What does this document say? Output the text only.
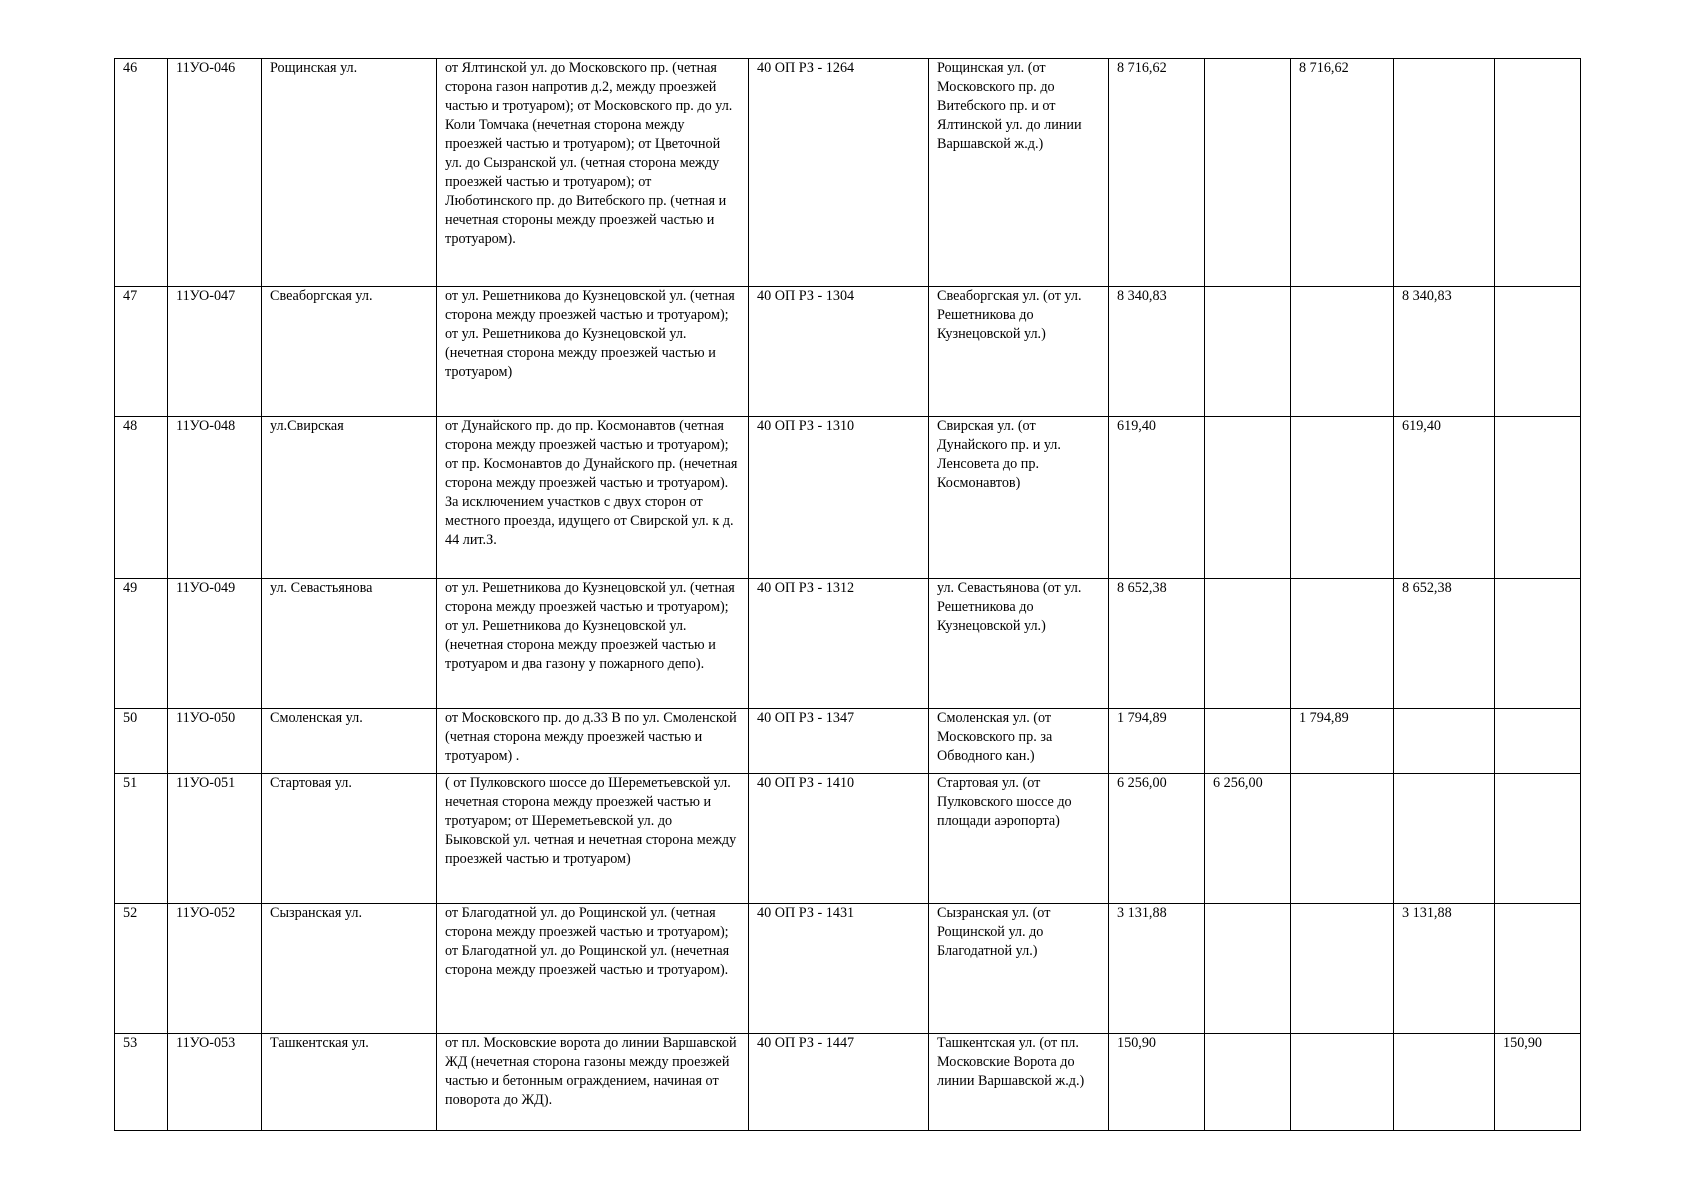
46	11УО-046	Рощинская ул.	от Ялтинской ул. до Московского пр. (четная сторона газон напротив д.2, между проезжей частью и тротуаром); от Московского пр. до ул. Коли Томчака (нечетная сторона между проезжей частью и тротуаром); от Цветочной ул. до Сызранской ул. (четная сторона между проезжей частью и тротуаром); от Люботинского пр. до Витебского пр. (четная и нечетная стороны между проезжей частью и тротуаром).	40 ОП РЗ - 1264	Рощинская ул. (от Московского пр. до Витебского пр. и от Ялтинской ул. до линии Варшавской ж.д.)	8 716,62		8 716,62		
47	11УО-047	Свеаборгская ул.	от ул. Решетникова до Кузнецовской ул. (четная сторона между проезжей частью и тротуаром); от ул. Решетникова до Кузнецовской ул. (нечетная сторона между проезжей частью и тротуаром)	40 ОП РЗ - 1304	Свеаборгская ул. (от ул. Решетникова до Кузнецовской ул.)	8 340,83			8 340,83	
48	11УО-048	ул.Свирская	от Дунайского пр. до пр. Космонавтов (четная сторона между проезжей частью и тротуаром); от пр. Космонавтов до Дунайского пр. (нечетная сторона между проезжей частью и тротуаром). За исключением участков с двух сторон от местного проезда, идущего от Свирской ул. к д. 44 лит.З.	40 ОП РЗ - 1310	Свирская ул. (от Дунайского пр. и ул. Ленсовета до пр. Космонавтов)	619,40			619,40	
49	11УО-049	ул. Севастьянова	от ул. Решетникова до Кузнецовской ул. (четная сторона между проезжей частью и тротуаром); от ул. Решетникова до Кузнецовской ул. (нечетная сторона между проезжей частью и тротуаром и два газону у пожарного депо).	40 ОП РЗ - 1312	ул. Севастьянова (от ул. Решетникова до Кузнецовской ул.)	8 652,38			8 652,38	
50	11УО-050	Смоленская ул.	от Московского пр. до д.33 В по ул. Смоленской (четная сторона между проезжей частью и тротуаром) .	40 ОП РЗ - 1347	Смоленская ул. (от Московского пр. за Обводного кан.)	1 794,89		1 794,89		
51	11УО-051	Стартовая ул.	( от Пулковского шоссе до Шереметьевской ул. нечетная сторона между проезжей частью и тротуаром; от Шереметьевской ул. до Быковской ул. четная и нечетная сторона между проезжей частью и тротуаром)	40 ОП РЗ - 1410	Стартовая ул. (от Пулковского шоссе до площади аэропорта)	6 256,00	6 256,00			
52	11УО-052	Сызранская ул.	от Благодатной ул. до Рощинской ул. (четная сторона между проезжей частью и тротуаром); от Благодатной ул. до Рощинской ул. (нечетная сторона между проезжей частью и тротуаром).	40 ОП РЗ - 1431	Сызранская ул. (от Рощинской ул. до Благодатной ул.)	3 131,88			3 131,88	
53	11УО-053	Ташкентская ул.	от пл. Московские ворота до линии Варшавской ЖД (нечетная сторона газоны между проезжей частью и бетонным ограждением, начиная от поворота до ЖД).	40 ОП РЗ - 1447	Ташкентская ул. (от пл. Московские Ворота до линии Варшавской ж.д.)	150,90				150,90
